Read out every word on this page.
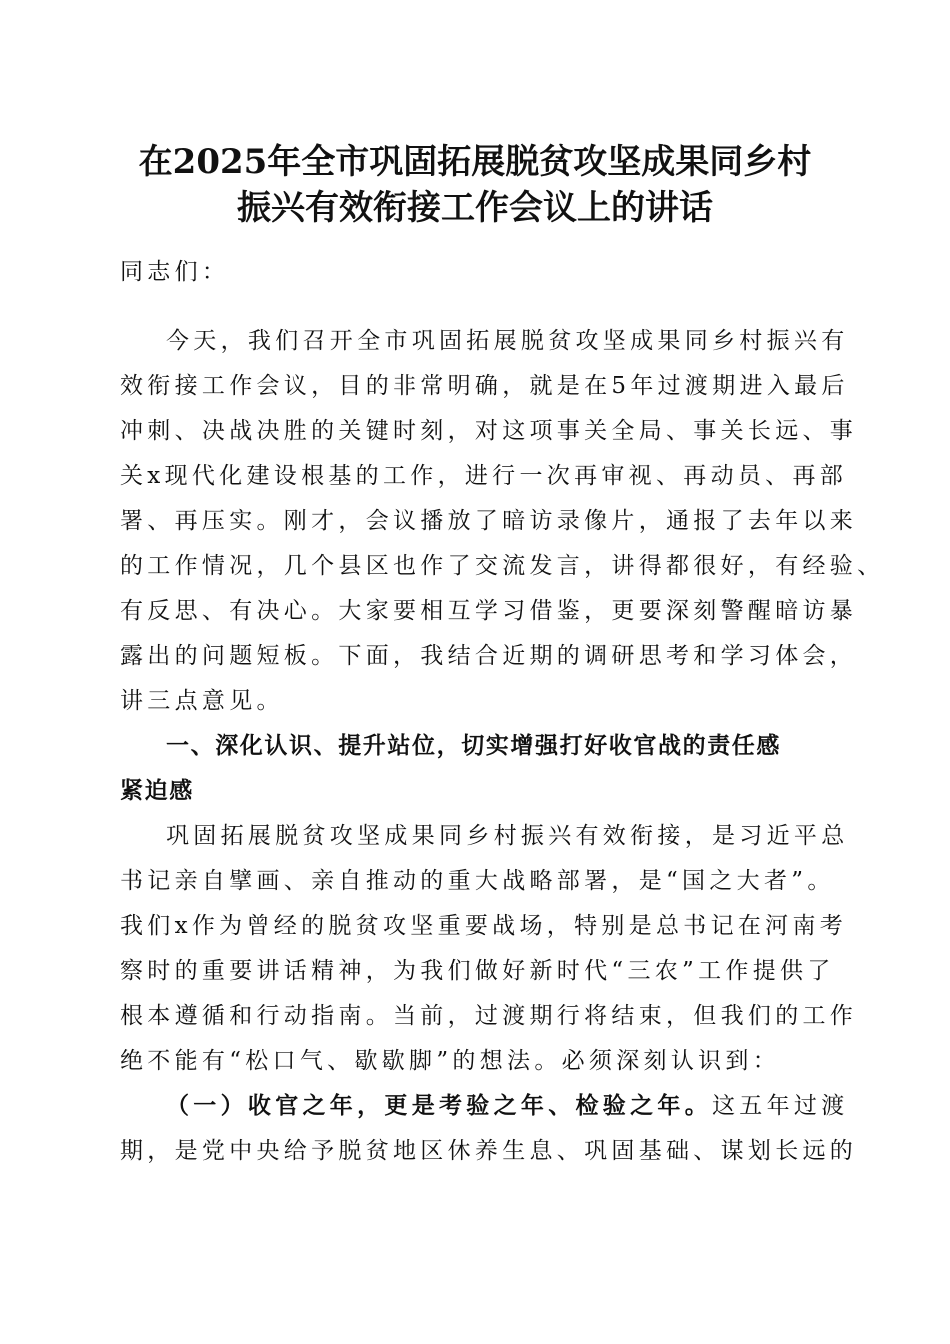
在2025年全市巩固拓展脱贫攻坚成果同乡村
振兴有效衔接工作会议上的讲话
同志们：
今天，我们召开全市巩固拓展脱贫攻坚成果同乡村振兴有
效衔接工作会议，目的非常明确，就是在5年过渡期进入最后
冲刺、决战决胜的关键时刻，对这项事关全局、事关长远、事
关x现代化建设根基的工作，进行一次再审视、再动员、再部
署、再压实。刚才，会议播放了暗访录像片，通报了去年以来
的工作情况，几个县区也作了交流发言，讲得都很好，有经验、
有反思、有决心。大家要相互学习借鉴，更要深刻警醒暗访暴
露出的问题短板。下面，我结合近期的调研思考和学习体会，
讲三点意见。
一、深化认识、提升站位，切实增强打好收官战的责任感
紧迫感
巩固拓展脱贫攻坚成果同乡村振兴有效衔接，是习近平总
书记亲自擘画、亲自推动的重大战略部署，是“国之大者”。
我们x作为曾经的脱贫攻坚重要战场，特别是总书记在河南考
察时的重要讲话精神，为我们做好新时代“三农”工作提供了
根本遵循和行动指南。当前，过渡期行将结束，但我们的工作
绝不能有“松口气、歇歇脚”的想法。必须深刻认识到：
（一）收官之年，更是考验之年、检验之年。这五年过渡
期，是党中央给予脱贫地区休养生息、巩固基础、谋划长远的
